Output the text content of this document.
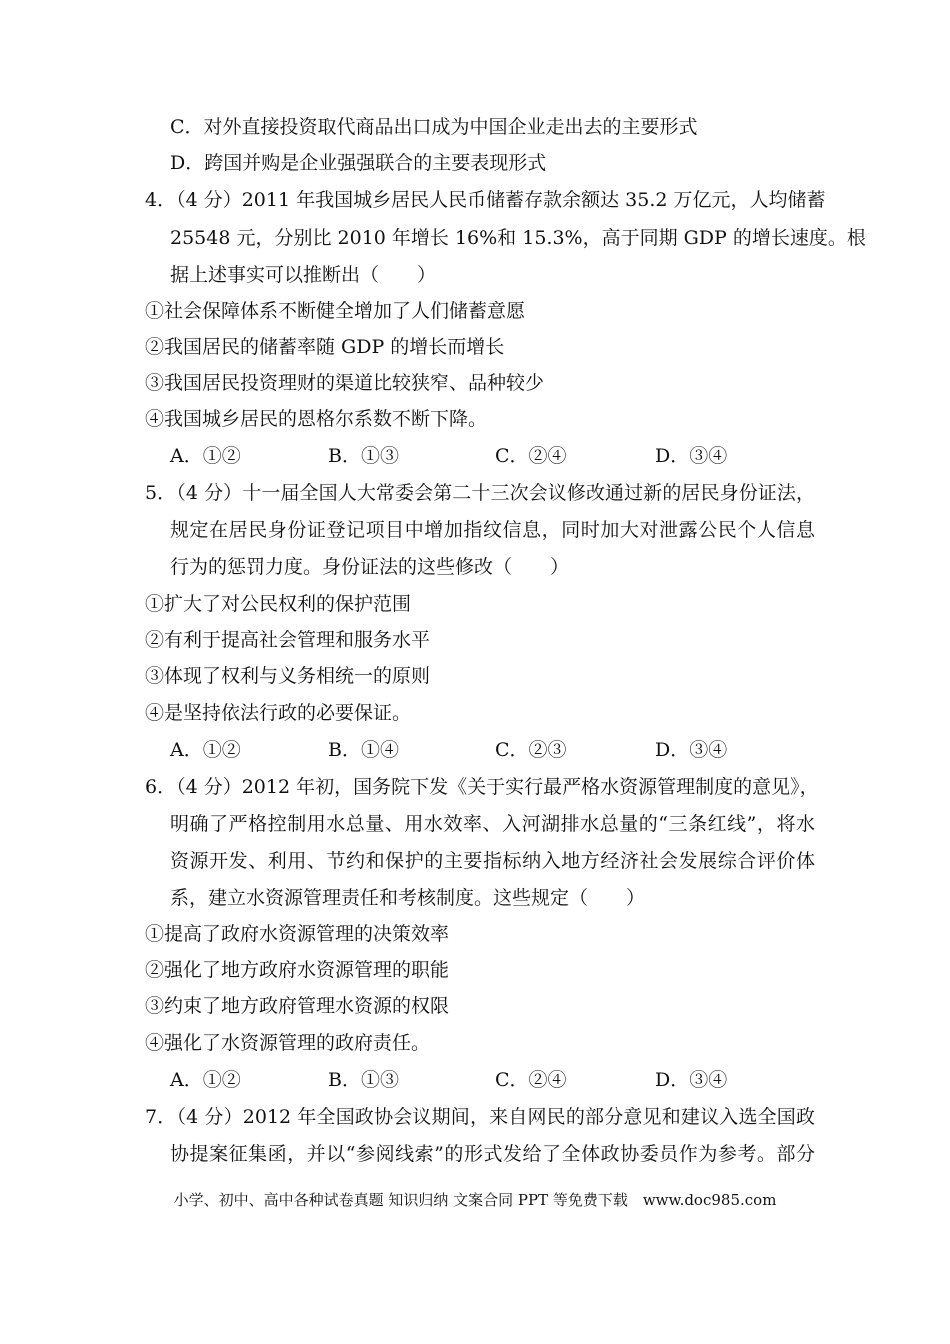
C．对外直接投资取代商品出口成为中国企业走出去的主要形式
D．跨国并购是企业强强联合的主要表现形式
4．（4 分）2011 年我国城乡居民人民币储蓄存款余额达 35.2 万亿元，人均储蓄
25548 元，分别比 2010 年增长 16%和 15.3%，高于同期 GDP 的增长速度。根
据上述事实可以推断出（　　）
①社会保障体系不断健全增加了人们储蓄意愿
②我国居民的储蓄率随 GDP 的增长而增长
③我国居民投资理财的渠道比较狭窄、品种较少
④我国城乡居民的恩格尔系数不断下降。
A．①②	B．①③	C．②④	D．③④
5．（4 分）十一届全国人大常委会第二十三次会议修改通过新的居民身份证法，
规定在居民身份证登记项目中增加指纹信息，同时加大对泄露公民个人信息
行为的惩罚力度。身份证法的这些修改（　　）
①扩大了对公民权利的保护范围
②有利于提高社会管理和服务水平
③体现了权利与义务相统一的原则
④是坚持依法行政的必要保证。
A．①②	B．①④	C．②③	D．③④
6．（4 分）2012 年初，国务院下发《关于实行最严格水资源管理制度的意见》，
明确了严格控制用水总量、用水效率、入河湖排水总量的“三条红线”，将水
资源开发、利用、节约和保护的主要指标纳入地方经济社会发展综合评价体
系，建立水资源管理责任和考核制度。这些规定（　　）
①提高了政府水资源管理的决策效率
②强化了地方政府水资源管理的职能
③约束了地方政府管理水资源的权限
④强化了水资源管理的政府责任。
A．①②	B．①③	C．②④	D．③④
7．（4 分）2012 年全国政协会议期间，来自网民的部分意见和建议入选全国政
协提案征集函，并以“参阅线索”的形式发给了全体政协委员作为参考。部分
小学、初中、高中各种试卷真题 知识归纳 文案合同 PPT 等免费下载　www.doc985.com
